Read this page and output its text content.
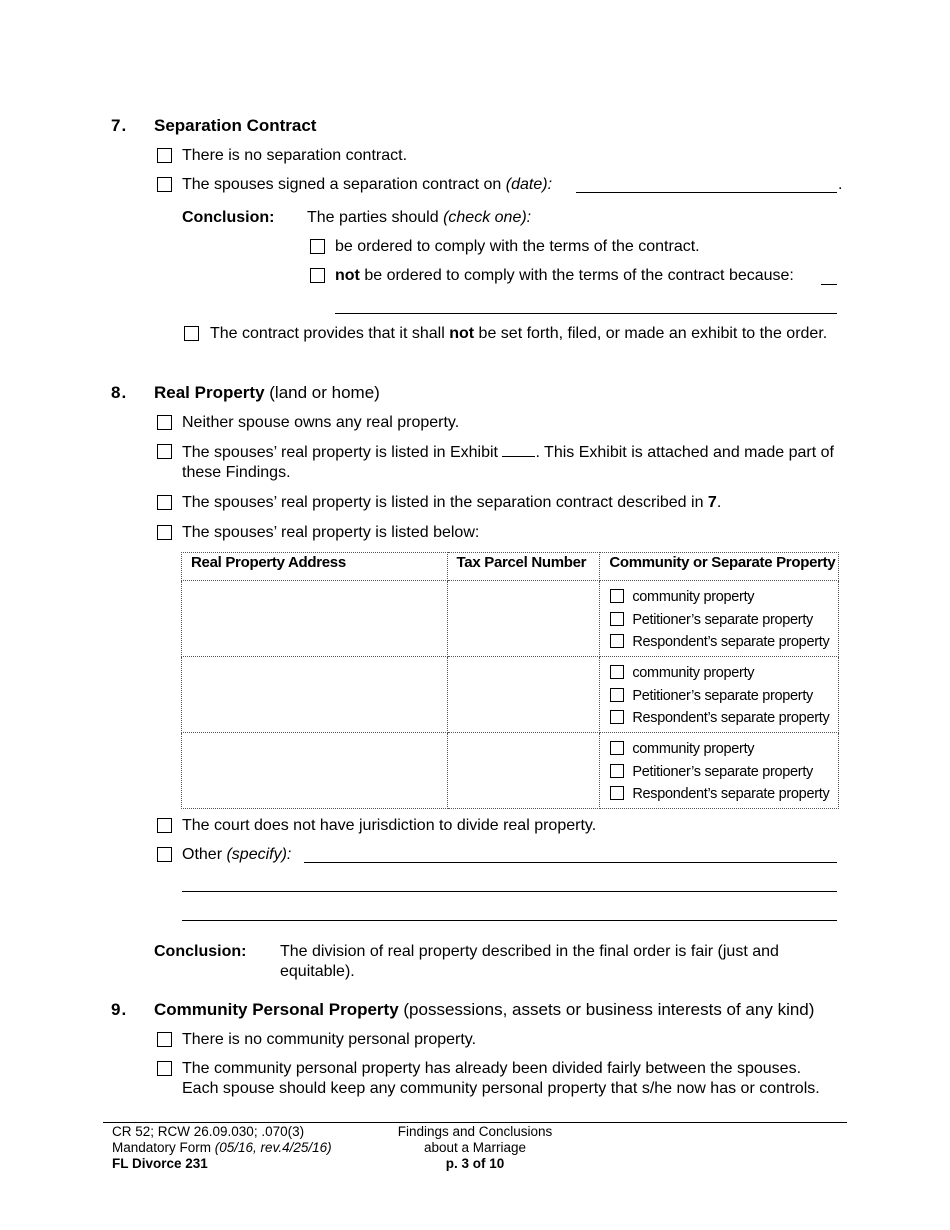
7. Separation Contract
There is no separation contract.
The spouses signed a separation contract on (date):	.
Conclusion: The parties should (check one):
be ordered to comply with the terms of the contract.
not be ordered to comply with the terms of the contract because:
The contract provides that it shall not be set forth, filed, or made an exhibit to the order.
8. Real Property (land or home)
Neither spouse owns any real property.
The spouses’ real property is listed in Exhibit . This Exhibit is attached and made part of these Findings.
The spouses’ real property is listed in the separation contract described in 7.
The spouses’ real property is listed below:
Real Property Address	Tax Parcel Number	Community or Separate Property

		community property
Petitioner’s separate property
Respondent’s separate property

		community property
Petitioner’s separate property
Respondent’s separate property

		community property
Petitioner’s separate property
Respondent’s separate property
The court does not have jurisdiction to divide real property.
Other (specify):
Conclusion: The division of real property described in the final order is fair (just and equitable).
9. Community Personal Property (possessions, assets or business interests of any kind)
There is no community personal property.
The community personal property has already been divided fairly between the spouses. Each spouse should keep any community personal property that s/he now has or controls.
CR 52; RCW 26.09.030; .070(3)
Mandatory Form (05/16, rev.4/25/16)
FL Divorce 231
Findings and Conclusions
about a Marriage
p. 3 of 10
